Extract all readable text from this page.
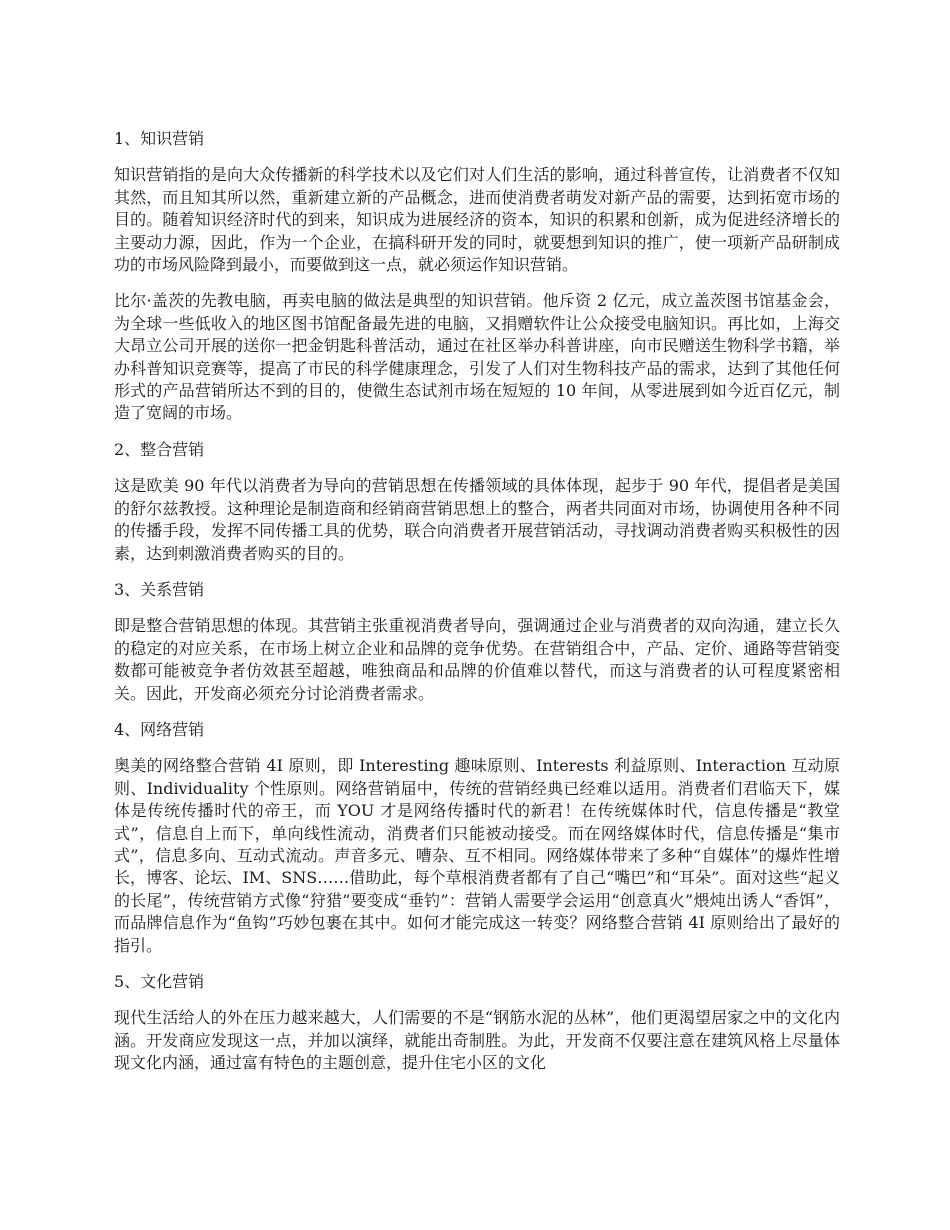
1、知识营销

知识营销指的是向大众传播新的科学技术以及它们对人们生活的影响，通过科普宣传，让消费者不仅知其然，而且知其所以然，重新建立新的产品概念，进而使消费者萌发对新产品的需要，达到拓宽市场的目的。随着知识经济时代的到来，知识成为进展经济的资本，知识的积累和创新，成为促进经济增长的主要动力源，因此，作为一个企业，在搞科研开发的同时，就要想到知识的推广，使一项新产品研制成功的市场风险降到最小，而要做到这一点，就必须运作知识营销。

比尔·盖茨的先教电脑，再卖电脑的做法是典型的知识营销。他斥资 2 亿元，成立盖茨图书馆基金会，为全球一些低收入的地区图书馆配备最先进的电脑，又捐赠软件让公众接受电脑知识。再比如，上海交大昂立公司开展的送你一把金钥匙科普活动，通过在社区举办科普讲座，向市民赠送生物科学书籍，举办科普知识竞赛等，提高了市民的科学健康理念，引发了人们对生物科技产品的需求，达到了其他任何形式的产品营销所达不到的目的，使微生态试剂市场在短短的 10 年间，从零进展到如今近百亿元，制造了宽阔的市场。

2、整合营销

这是欧美 90 年代以消费者为导向的营销思想在传播领域的具体体现，起步于 90 年代，提倡者是美国的舒尔兹教授。这种理论是制造商和经销商营销思想上的整合，两者共同面对市场，协调使用各种不同的传播手段，发挥不同传播工具的优势，联合向消费者开展营销活动，寻找调动消费者购买积极性的因素，达到刺激消费者购买的目的。

3、关系营销

即是整合营销思想的体现。其营销主张重视消费者导向，强调通过企业与消费者的双向沟通，建立长久的稳定的对应关系，在市场上树立企业和品牌的竞争优势。在营销组合中，产品、定价、通路等营销变数都可能被竞争者仿效甚至超越，唯独商品和品牌的价值难以替代，而这与消费者的认可程度紧密相关。因此，开发商必须充分讨论消费者需求。

4、网络营销

奥美的网络整合营销 4I 原则，即 Interesting 趣味原则、Interests 利益原则、Interaction 互动原则、Individuality 个性原则。网络营销届中，传统的营销经典已经难以适用。消费者们君临天下，媒体是传统传播时代的帝王，而 YOU 才是网络传播时代的新君！在传统媒体时代，信息传播是“教堂式”，信息自上而下，单向线性流动，消费者们只能被动接受。而在网络媒体时代，信息传播是“集市式”，信息多向、互动式流动。声音多元、嘈杂、互不相同。网络媒体带来了多种“自媒体”的爆炸性增长，博客、论坛、IM、SNS……借助此，每个草根消费者都有了自己“嘴巴”和“耳朵”。面对这些“起义的长尾”，传统营销方式像“狩猎”要变成“垂钓”：营销人需要学会运用“创意真火”煨炖出诱人“香饵”，而品牌信息作为“鱼钩”巧妙包裹在其中。如何才能完成这一转变？网络整合营销 4I 原则给出了最好的指引。

5、文化营销

现代生活给人的外在压力越来越大，人们需要的不是“钢筋水泥的丛林”，他们更渴望居家之中的文化内涵。开发商应发现这一点，并加以演绎，就能出奇制胜。为此，开发商不仅要注意在建筑风格上尽量体现文化内涵，通过富有特色的主题创意，提升住宅小区的文化
